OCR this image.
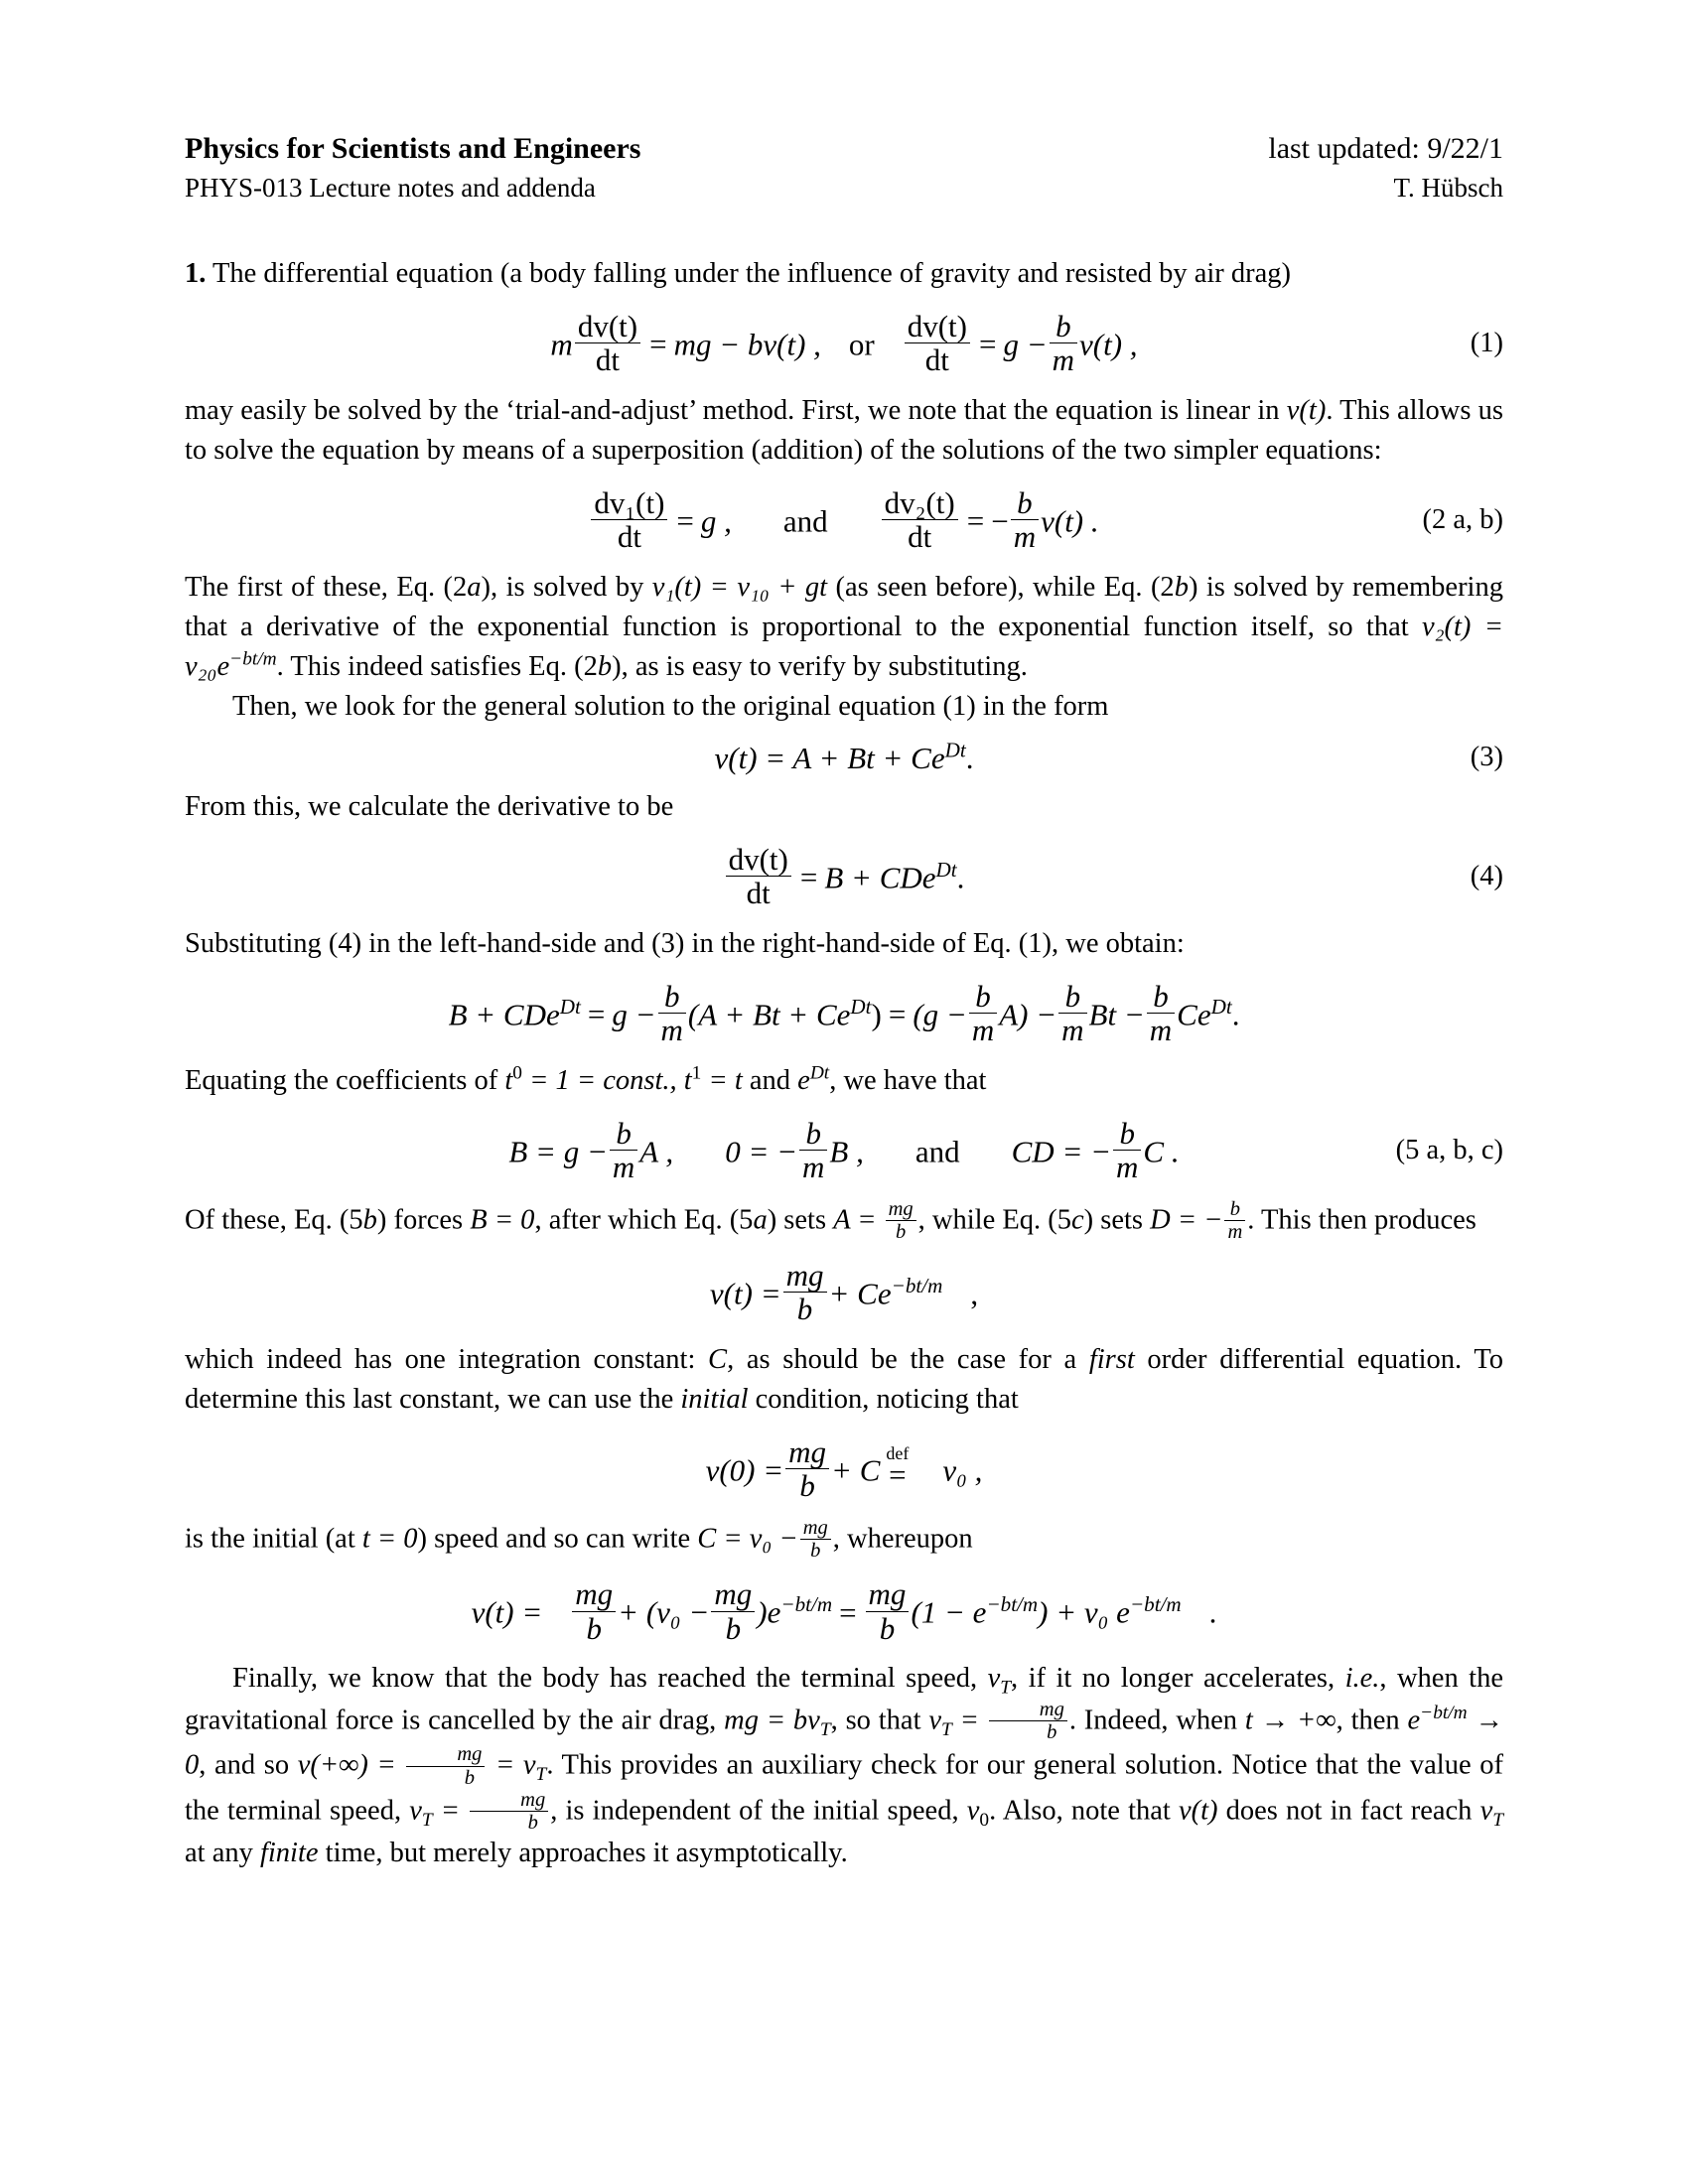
Physics for Scientists and Engineers	last updated: 9/22/1
PHYS-013 Lecture notes and addenda	T. Hübsch

1. The differential equation (a body falling under the influence of gravity and resisted by air drag)

m $\frac{dv(t)}{dt}$ = mg − bv(t) , or $\frac{dv(t)}{dt} = g - \frac{b}{m} v(t)$ ,	(1)

may easily be solved by the ‘trial-and-adjust’ method. First, we note that the equation is linear in v(t). This allows us to solve the equation by means of a superposition (addition) of the solutions of the two simpler equations:

$\frac{\text{dv₁(t)}}{dt} = g$ , and $\frac{\text{dv₂(t)}}{dt}$ = − $\frac{b}{m} v(t)$ .	(2 a, b)

The first of these, Eq. (2a), is solved by v₁(t) = v₁₀ + gt (as seen before), while Eq. (2b) is solved by remembering that a derivative of the exponential function is proportional to the exponential function itself, so that $v_2(t) = v_{20}e^{-bt/m}$. This indeed satisfies Eq. (2b), as is easy to verify by substituting.

Then, we look for the general solution to the original equation (1) in the form

$v(t) = A + Bt + Ce^{Dt}$.	(3)

From this, we calculate the derivative to be

$\frac{dv(t)}{dt} = B + CDe^{Dt}$.	(4)

Substituting (4) in the left-hand-side and (3) in the right-hand-side of Eq. (1), we obtain:

$B + CDe^{Dt} = g - \frac{b}{m} (A + Bt + Ce^{Dt}) = (g - \frac{b}{m} A) - \frac{b}{m}$ $Bt - \frac{b}{m} Ce^{Dt}$.

Equating the coefficients of $t^0 = 1$ = const., $t^1 = t$ and $e^{Dt}$, we have that

$B = g - \frac{b}{m}$ A , 0 = − $\frac{b}{m}$ B , and CD = − $\frac{b}{m}$ C .	(5 a, b, c)

Of these, Eq. (5b) forces B = 0, after which Eq. (5a) sets $A = \frac{mg}{b}$ , while Eq. (5c) sets D = − $\frac{b}{m}$ . This then produces

$v(t) = \frac{mg}{b} + Ce^{-bt/m}$ ,

which indeed has one integration constant: C, as should be the case for a first order differential equation. To determine this last constant, we can use the initial condition, noticing that

$v(0) = \frac{mg}{b} + C$ def
= v₀ ,

is the initial (at t = 0) speed and so can write $C = v_0 - \frac{mg}{b}$ , whereupon

$v(t) = \frac{mg}{b} + (v_0 - \frac{mg}{b} )e^{-bt/m} = \frac{mg}{b} (1 - e^{-bt/m}) + v_0$ $e^{-bt/m}$ .

Finally, we know that the body has reached the terminal speed, $v_T$, if it no longer accelerates, i.e., when the gravitational force is cancelled by the air drag, mg = $bv_T$, so that $v_T = \frac{mg}{b}$ . Indeed, when t → +∞, then $e^{-bt/m} \to 0$, and so $v(+\infty) = \frac{mg}{b} = v_T$. This provides an auxiliary check for our general solution. Notice that the value of the terminal speed, $v_T = \frac{mg}{b}$ , is independent of the initial speed, $v_0$. Also, note that v(t) does not in fact reach $v_T$ at any finite time, but merely approaches it asymptotically.
